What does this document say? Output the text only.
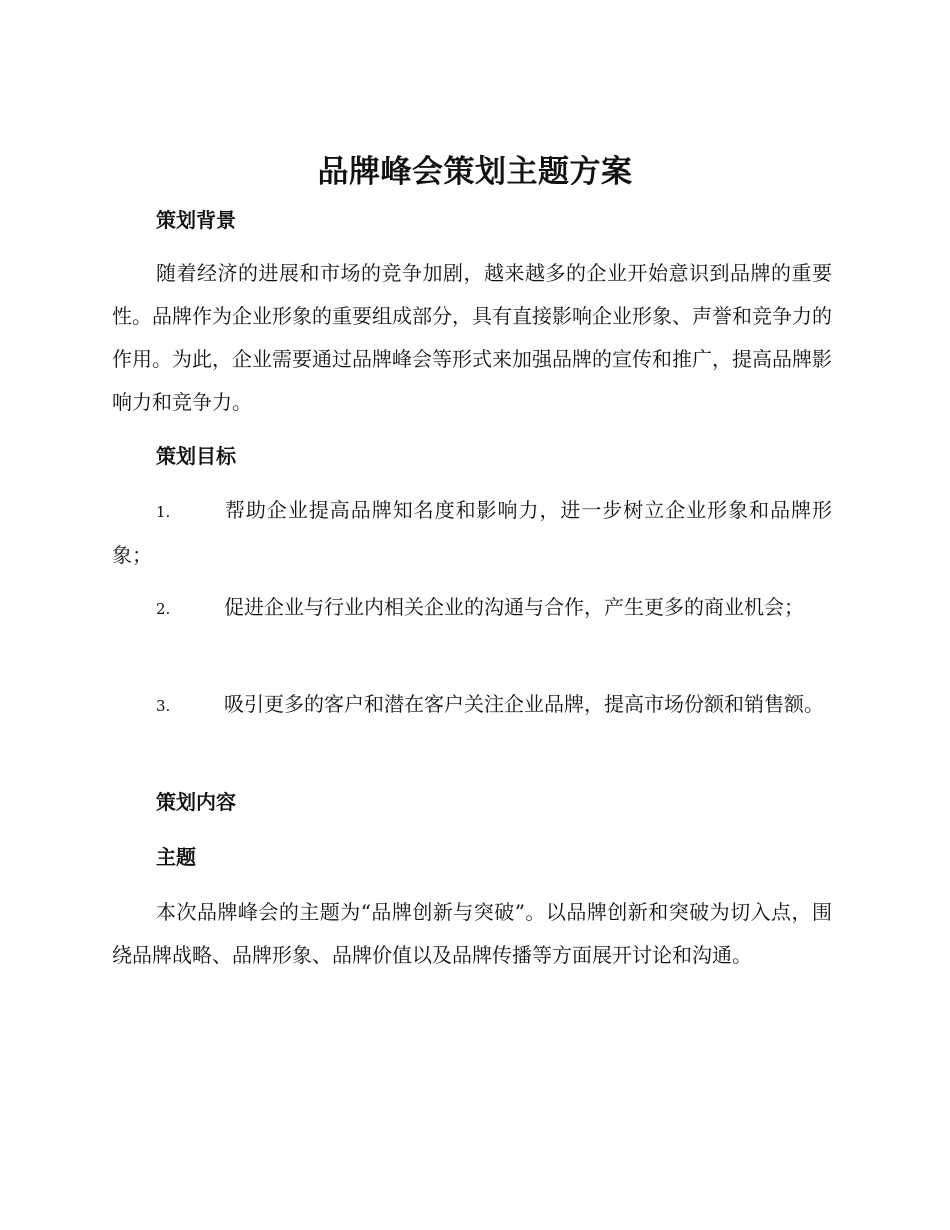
品牌峰会策划主题方案
策划背景

随着经济的进展和市场的竞争加剧，越来越多的企业开始意识到品牌的重要性。品牌作为企业形象的重要组成部分，具有直接影响企业形象、声誉和竞争力的作用。为此，企业需要通过品牌峰会等形式来加强品牌的宣传和推广，提高品牌影响力和竞争力。

策划目标

1.	帮助企业提高品牌知名度和影响力，进一步树立企业形象和品牌形象；

2.	促进企业与行业内相关企业的沟通与合作，产生更多的商业机会；

3.	吸引更多的客户和潜在客户关注企业品牌，提高市场份额和销售额。

策划内容
主题

本次品牌峰会的主题为“品牌创新与突破”。以品牌创新和突破为切入点，围绕品牌战略、品牌形象、品牌价值以及品牌传播等方面展开讨论和沟通。
